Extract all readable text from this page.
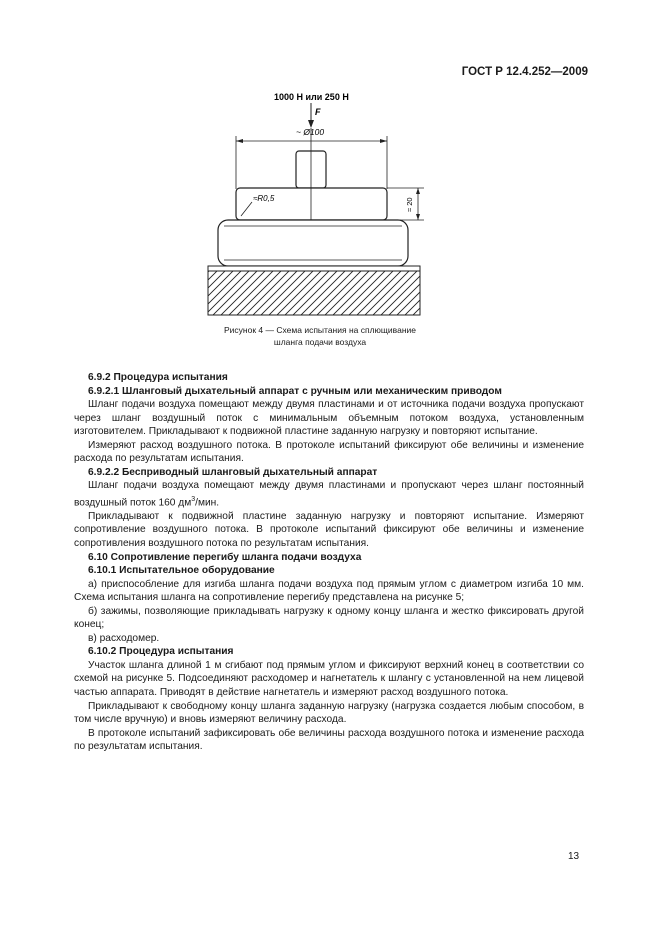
ГОСТ Р 12.4.252—2009
1000 Н или 250 Н
F
~ Ø100
≈R0,5	≈ 20
Рисунок 4 — Схема испытания на сплющивание
шланга подачи воздуха

6.9.2 Процедура испытания

6.9.2.1 Шланговый дыхательный аппарат с ручным или механическим приводом

Шланг подачи воздуха помещают между двумя пластинами и от источника подачи воздуха пропускают через шланг воздушный поток с минимальным объемным потоком воздуха, установленным изготовителем. Прикладывают к подвижной пластине заданную нагрузку и повторяют испытание.

Измеряют расход воздушного потока. В протоколе испытаний фиксируют обе величины и изменение расхода по результатам испытания.

6.9.2.2 Бесприводный шланговый дыхательный аппарат

Шланг подачи воздуха помещают между двумя пластинами и пропускают через шланг постоянный воздушный поток 160 $дм^3$/мин.

Прикладывают к подвижной пластине заданную нагрузку и повторяют испытание. Измеряют сопротивление воздушного потока. В протоколе испытаний фиксируют обе величины и изменение сопротивления воздушного потока по результатам испытания.

6.10 Сопротивление перегибу шланга подачи воздуха

6.10.1 Испытательное оборудование

а) приспособление для изгиба шланга подачи воздуха под прямым углом с диаметром изгиба 10 мм. Схема испытания шланга на сопротивление перегибу представлена на рисунке 5;

б) зажимы, позволяющие прикладывать нагрузку к одному концу шланга и жестко фиксировать другой конец;

в) расходомер.

6.10.2 Процедура испытания

Участок шланга длиной 1 м сгибают под прямым углом и фиксируют верхний конец в соответствии со схемой на рисунке 5. Подсоединяют расходомер и нагнетатель к шлангу с установленной на нем лицевой частью аппарата. Приводят в действие нагнетатель и измеряют расход воздушного потока.

Прикладывают к свободному концу шланга заданную нагрузку (нагрузка создается любым способом, в том числе вручную) и вновь измеряют величину расхода.

В протоколе испытаний зафиксировать обе величины расхода воздушного потока и изменение расхода по результатам испытания.

13
